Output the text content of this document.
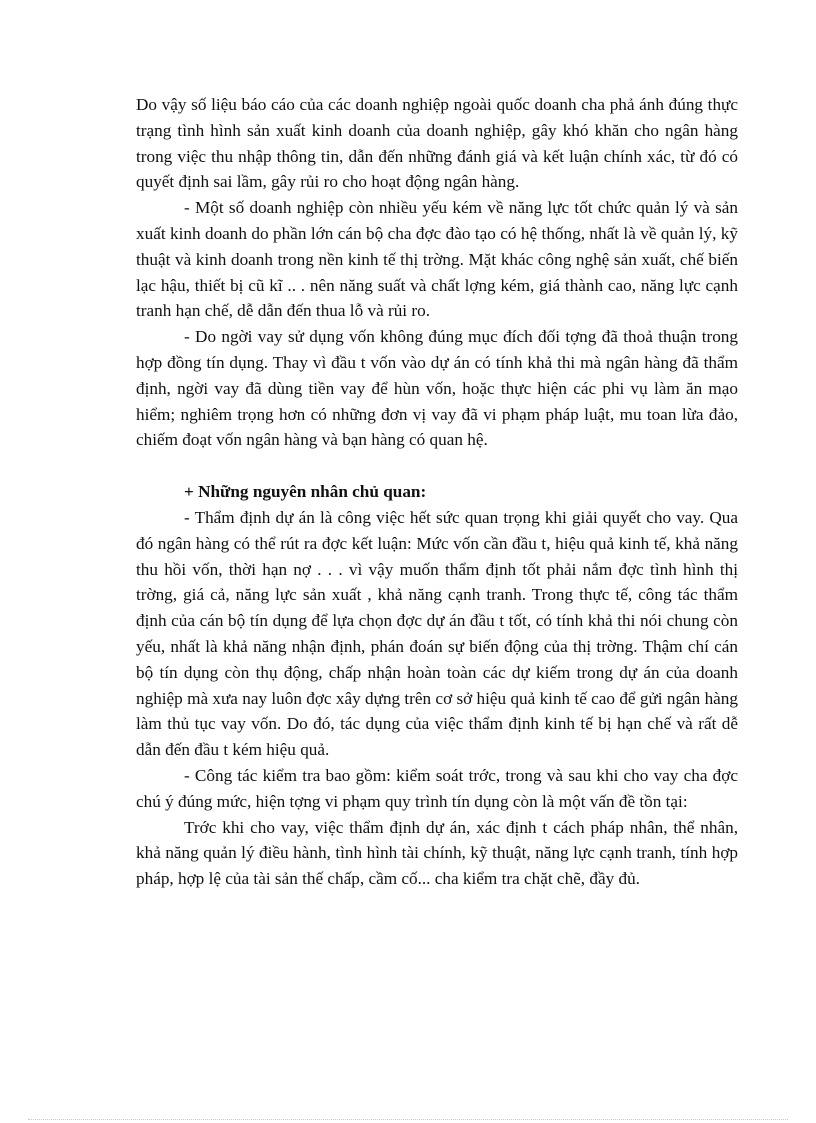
Do vậy số liệu báo cáo của các doanh nghiệp ngoài quốc doanh cha phả ánh đúng thực trạng tình hình sản xuất kinh doanh của doanh nghiệp, gây khó khăn cho ngân hàng trong việc thu nhập thông tin, dẫn đến những đánh giá và kết luận chính xác, từ đó có quyết định sai lầm, gây rủi ro cho hoạt động ngân hàng.

- Một số doanh nghiệp còn nhiều yếu kém về năng lực tốt chức quản lý và sản xuất kinh doanh do phần lớn cán bộ cha đợc đào tạo có hệ thống, nhất là về quản lý, kỹ thuật và kinh doanh trong nền kinh tế thị trờng. Mặt khác công nghệ sản xuất, chế biến lạc hậu, thiết bị cũ kĩ .. . nên năng suất và chất lợng kém, giá thành cao, năng lực cạnh tranh hạn chế, dễ dẫn đến thua lỗ và rủi ro.

- Do ngời vay sử dụng vốn không đúng mục đích đối tợng đã thoả thuận trong hợp đồng tín dụng. Thay vì đầu t vốn vào dự án có tính khả thi mà ngân hàng đã thẩm định, ngời vay đã dùng tiền vay để hùn vốn, hoặc thực hiện các phi vụ làm ăn mạo hiểm; nghiêm trọng hơn có những đơn vị vay đã vi phạm pháp luật, mu toan lừa đảo, chiếm đoạt vốn ngân hàng và bạn hàng có quan hệ.

+ Những nguyên nhân chủ quan:

- Thẩm định dự án là công việc hết sức quan trọng khi giải quyết cho vay. Qua đó ngân hàng có thể rút ra đợc kết luận: Mức vốn cần đầu t, hiệu quả kinh tế, khả năng thu hồi vốn, thời hạn nợ . . . vì vậy muốn thẩm định tốt phải nắm đợc tình hình thị trờng, giá cả, năng lực sản xuất , khả năng cạnh tranh. Trong thực tế, công tác thẩm định của cán bộ tín dụng để lựa chọn đợc dự án đầu t tốt, có tính khả thi nói chung còn yếu, nhất là khả năng nhận định, phán đoán sự biến động của thị trờng. Thậm chí cán bộ tín dụng còn thụ động, chấp nhận hoàn toàn các dự kiếm trong dự án của doanh nghiệp mà xưa nay luôn đợc xây dựng trên cơ sở hiệu quả kinh tế cao để gửi ngân hàng làm thủ tục vay vốn. Do đó, tác dụng của việc thẩm định kinh tế bị hạn chế và rất dễ dẫn đến đầu t kém hiệu quả.

- Công tác kiểm tra bao gồm: kiểm soát trớc, trong và sau khi cho vay cha đợc chú ý đúng mức, hiện tợng vi phạm quy trình tín dụng còn là một vấn đề tồn tại:

Trớc khi cho vay, việc thẩm định dự án, xác định t cách pháp nhân, thể nhân, khả năng quản lý điều hành, tình hình tài chính, kỹ thuật, năng lực cạnh tranh, tính hợp pháp, hợp lệ của tài sản thế chấp, cầm cố... cha kiểm tra chặt chẽ, đầy đủ.
